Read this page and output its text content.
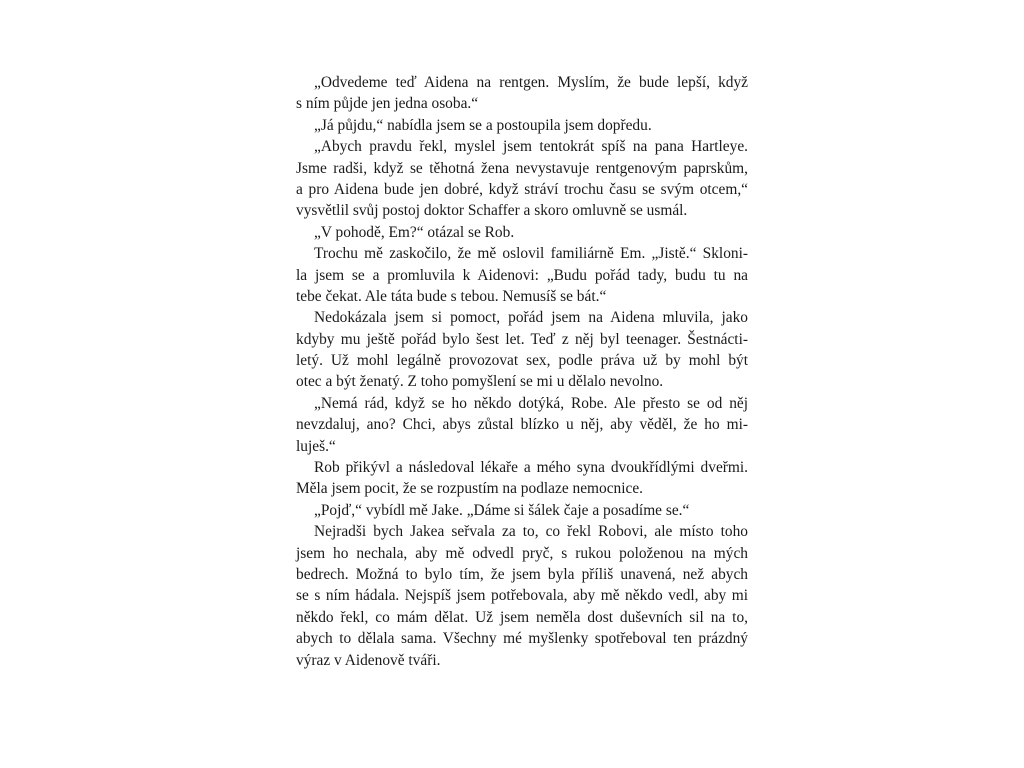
„Odvedeme teď Aidena na rentgen. Myslím, že bude lepší, když
s ním půjde jen jedna osoba.“
„Já půjdu,“ nabídla jsem se a postoupila jsem dopředu.
„Abych pravdu řekl, myslel jsem tentokrát spíš na pana Hartleye.
Jsme radši, když se těhotná žena nevystavuje rentgenovým paprskům,
a pro Aidena bude jen dobré, když stráví trochu času se svým otcem,“
vysvětlil svůj postoj doktor Schaffer a skoro omluvně se usmál.
„V pohodě, Em?“ otázal se Rob.
Trochu mě zaskočilo, že mě oslovil familiárně Em. „Jistě.“ Skloni-
la jsem se a promluvila k Aidenovi: „Budu pořád tady, budu tu na
tebe čekat. Ale táta bude s tebou. Nemusíš se bát.“
Nedokázala jsem si pomoct, pořád jsem na Aidena mluvila, jako
kdyby mu ještě pořád bylo šest let. Teď z něj byl teenager. Šestnácti-
letý. Už mohl legálně provozovat sex, podle práva už by mohl být
otec a být ženatý. Z toho pomyšlení se mi u dělalo nevolno.
„Nemá rád, když se ho někdo dotýká, Robe. Ale přesto se od něj
nevzdaluj, ano? Chci, abys zůstal blízko u něj, aby věděl, že ho mi-
luješ.“
Rob přikývl a následoval lékaře a mého syna dvoukřídlými dveřmi.
Měla jsem pocit, že se rozpustím na podlaze nemocnice.
„Pojď,“ vybídl mě Jake. „Dáme si šálek čaje a posadíme se.“
Nejradši bych Jakea seřvala za to, co řekl Robovi, ale místo toho
jsem ho nechala, aby mě odvedl pryč, s rukou položenou na mých
bedrech. Možná to bylo tím, že jsem byla příliš unavená, než abych
se s ním hádala. Nejspíš jsem potřebovala, aby mě někdo vedl, aby mi
někdo řekl, co mám dělat. Už jsem neměla dost duševních sil na to,
abych to dělala sama. Všechny mé myšlenky spotřeboval ten prázdný
výraz v Aidenově tváři.
